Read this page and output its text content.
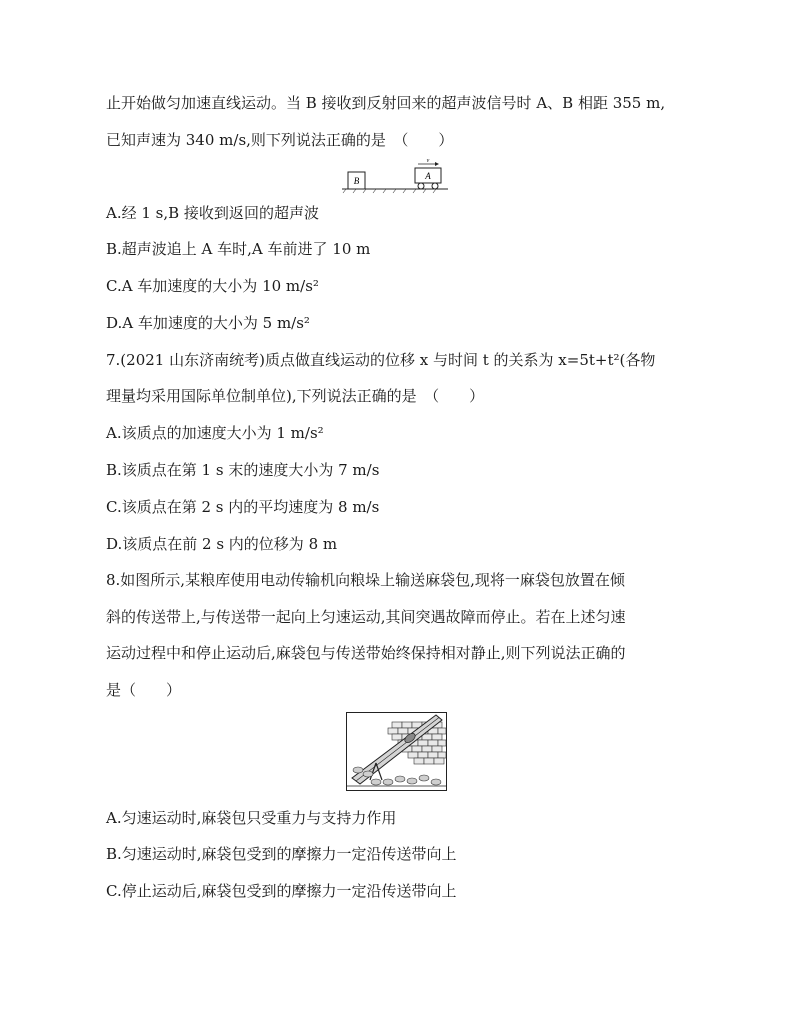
止开始做匀加速直线运动。当 B 接收到反射回来的超声波信号时 A、B 相距 355 m,
已知声速为 340 m/s,则下列说法正确的是　（　　）
B	A
v
A.经 1 s,B 接收到返回的超声波
B.超声波追上 A 车时,A 车前进了 10 m
C.A 车加速度的大小为 10 m/s²
D.A 车加速度的大小为 5 m/s²
7.(2021 山东济南统考)质点做直线运动的位移 x 与时间 t 的关系为 x=5t+t²(各物
理量均采用国际单位制单位),下列说法正确的是　（　　）
A.该质点的加速度大小为 1 m/s²
B.该质点在第 1 s 末的速度大小为 7 m/s
C.该质点在第 2 s 内的平均速度为 8 m/s
D.该质点在前 2 s 内的位移为 8 m
8.如图所示,某粮库使用电动传输机向粮垛上输送麻袋包,现将一麻袋包放置在倾
斜的传送带上,与传送带一起向上匀速运动,其间突遇故障而停止。若在上述匀速
运动过程中和停止运动后,麻袋包与传送带始终保持相对静止,则下列说法正确的
是（　　）
A.匀速运动时,麻袋包只受重力与支持力作用
B.匀速运动时,麻袋包受到的摩擦力一定沿传送带向上
C.停止运动后,麻袋包受到的摩擦力一定沿传送带向上
